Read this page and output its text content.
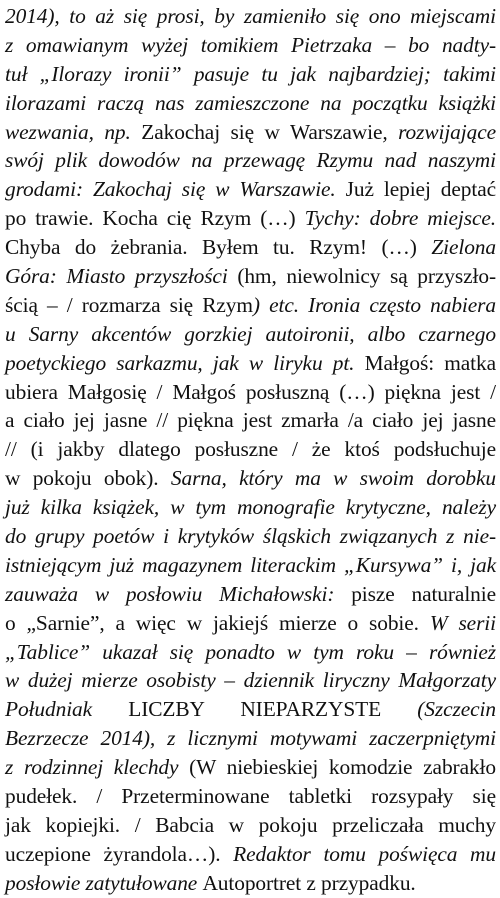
2014), to aż się prosi, by zamieniło się ono miejscami
z omawianym wyżej tomikiem Pietrzaka – bo nadty-
tuł „Ilorazy ironii” pasuje tu jak najbardziej; takimi
ilorazami raczą nas zamieszczone na początku książki
wezwania, np. Zakochaj się w Warszawie, rozwijające
swój plik dowodów na przewagę Rzymu nad naszymi
grodami: Zakochaj się w Warszawie. Już lepiej deptać
po trawie. Kocha cię Rzym (…) Tychy: dobre miejsce.
Chyba do żebrania. Byłem tu. Rzym! (…) Zielona
Góra: Miasto przyszłości (hm, niewolnicy są przyszło-
ścią – / rozmarza się Rzym) etc. Ironia często nabiera
u Sarny akcentów gorzkiej autoironii, albo czarnego
poetyckiego sarkazmu, jak w liryku pt. Małgoś: matka
ubiera Małgosię / Małgoś posłuszną (…) piękna jest /
a ciało jej jasne // piękna jest zmarła /a ciało jej jasne
// (i jakby dlatego posłuszne / że ktoś podsłuchuje
w pokoju obok). Sarna, który ma w swoim dorobku
już kilka książek, w tym monografie krytyczne, należy
do grupy poetów i krytyków śląskich związanych z nie-
istniejącym już magazynem literackim „Kursywa” i, jak
zauważa w posłowiu Michałowski: pisze naturalnie
o „Sarnie”, a więc w jakiejś mierze o sobie. W serii
„Tablice” ukazał się ponadto w tym roku – również
w dużej mierze osobisty – dziennik liryczny Małgorzaty
Południak LICZBY NIEPARZYSTE (Szczecin
Bezrzecze 2014), z licznymi motywami zaczerpniętymi
z rodzinnej klechdy (W niebieskiej komodzie zabrakło
pudełek. / Przeterminowane tabletki rozsypały się
jak kopiejki. / Babcia w pokoju przeliczała muchy
uczepione żyrandola…). Redaktor tomu poświęca mu
posłowie zatytułowane Autoportret z przypadku.
